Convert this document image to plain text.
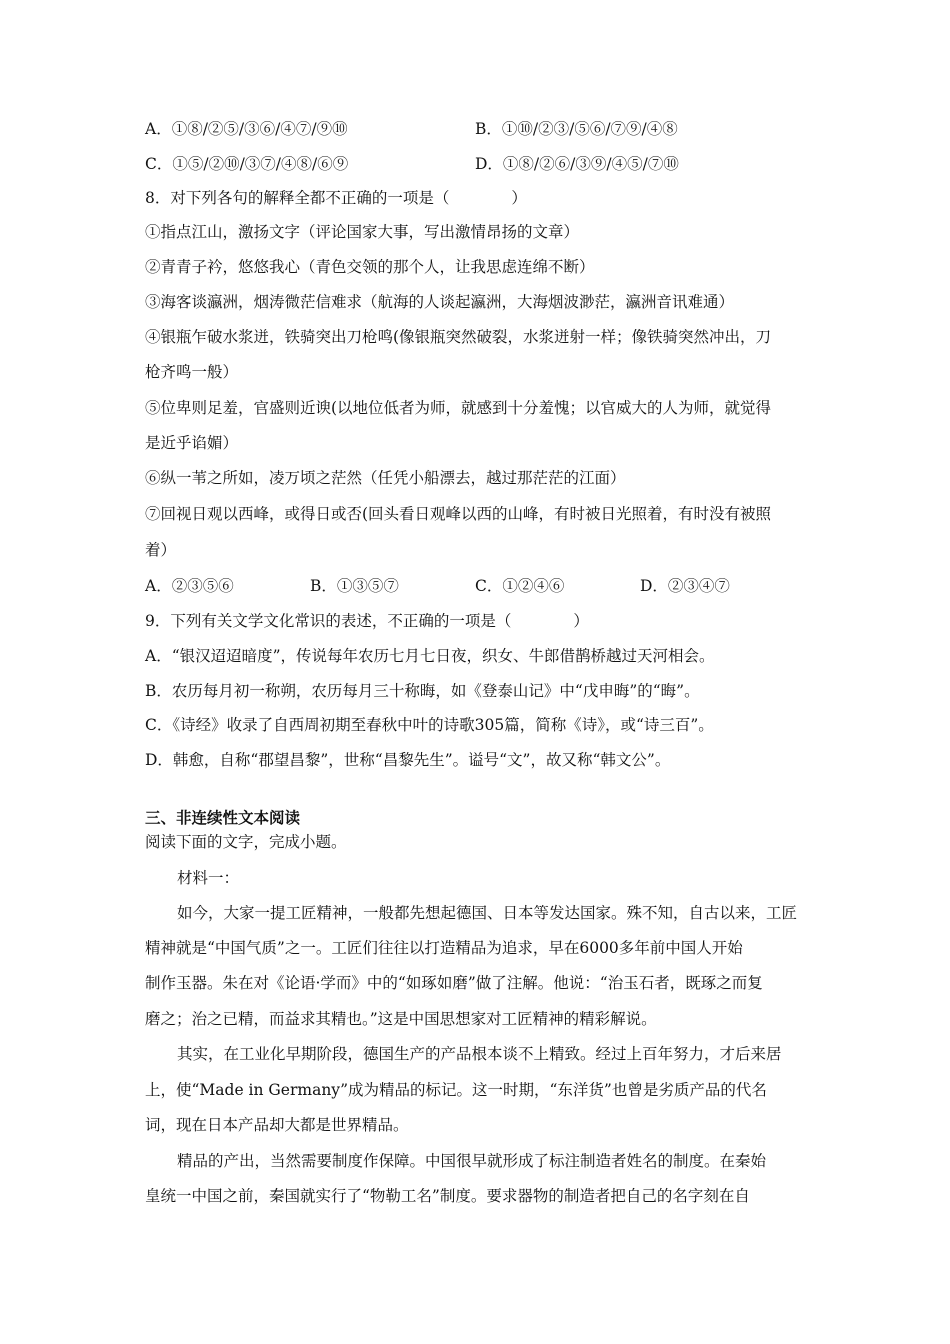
A．①⑧/②⑤/③⑥/④⑦/⑨⑩	B．①⑩/②③/⑤⑥/⑦⑨/④⑧
C．①⑤/②⑩/③⑦/④⑧/⑥⑨	D．①⑧/②⑥/③⑨/④⑤/⑦⑩
8．对下列各句的解释全都不正确的一项是（　　　　）
①指点江山，激扬文字（评论国家大事，写出激情昂扬的文章）
②青青子衿，悠悠我心（青色交领的那个人，让我思虑连绵不断）
③海客谈瀛洲，烟涛微茫信难求（航海的人谈起瀛洲，大海烟波渺茫，瀛洲音讯难通）
④银瓶乍破水浆迸，铁骑突出刀枪鸣(像银瓶突然破裂，水浆迸射一样；像铁骑突然冲出，刀
枪齐鸣一般）
⑤位卑则足羞，官盛则近谀(以地位低者为师，就感到十分羞愧；以官威大的人为师，就觉得
是近乎谄媚）
⑥纵一苇之所如，凌万顷之茫然（任凭小船漂去，越过那茫茫的江面）
⑦回视日观以西峰，或得日或否(回头看日观峰以西的山峰，有时被日光照着，有时没有被照
着）
A．②③⑤⑥	B．①③⑤⑦	C．①②④⑥	D．②③④⑦
9．下列有关文学文化常识的表述，不正确的一项是（　　　　）
A．“银汉迢迢暗度”，传说每年农历七月七日夜，织女、牛郎借鹊桥越过天河相会。
B．农历每月初一称朔，农历每月三十称晦，如《登泰山记》中“戊申晦”的“晦”。
C．《诗经》收录了自西周初期至春秋中叶的诗歌305篇，简称《诗》，或“诗三百”。
D．韩愈，自称“郡望昌黎”，世称“昌黎先生”。谥号“文”，故又称“韩文公”。
三、非连续性文本阅读
阅读下面的文字，完成小题。
材料一：
如今，大家一提工匠精神，一般都先想起德国、日本等发达国家。殊不知，自古以来，工匠
精神就是“中国气质”之一。工匠们往往以打造精品为追求，早在6000多年前中国人开始
制作玉器。朱在对《论语·学而》中的“如琢如磨”做了注解。他说：“治玉石者，既琢之而复
磨之；治之已精，而益求其精也。”这是中国思想家对工匠精神的精彩解说。
其实，在工业化早期阶段，德国生产的产品根本谈不上精致。经过上百年努力，才后来居
上，使“Made in Germany”成为精品的标记。这一时期，“东洋货”也曾是劣质产品的代名
词，现在日本产品却大都是世界精品。
精品的产出，当然需要制度作保障。中国很早就形成了标注制造者姓名的制度。在秦始
皇统一中国之前，秦国就实行了“物勒工名”制度。要求器物的制造者把自己的名字刻在自
